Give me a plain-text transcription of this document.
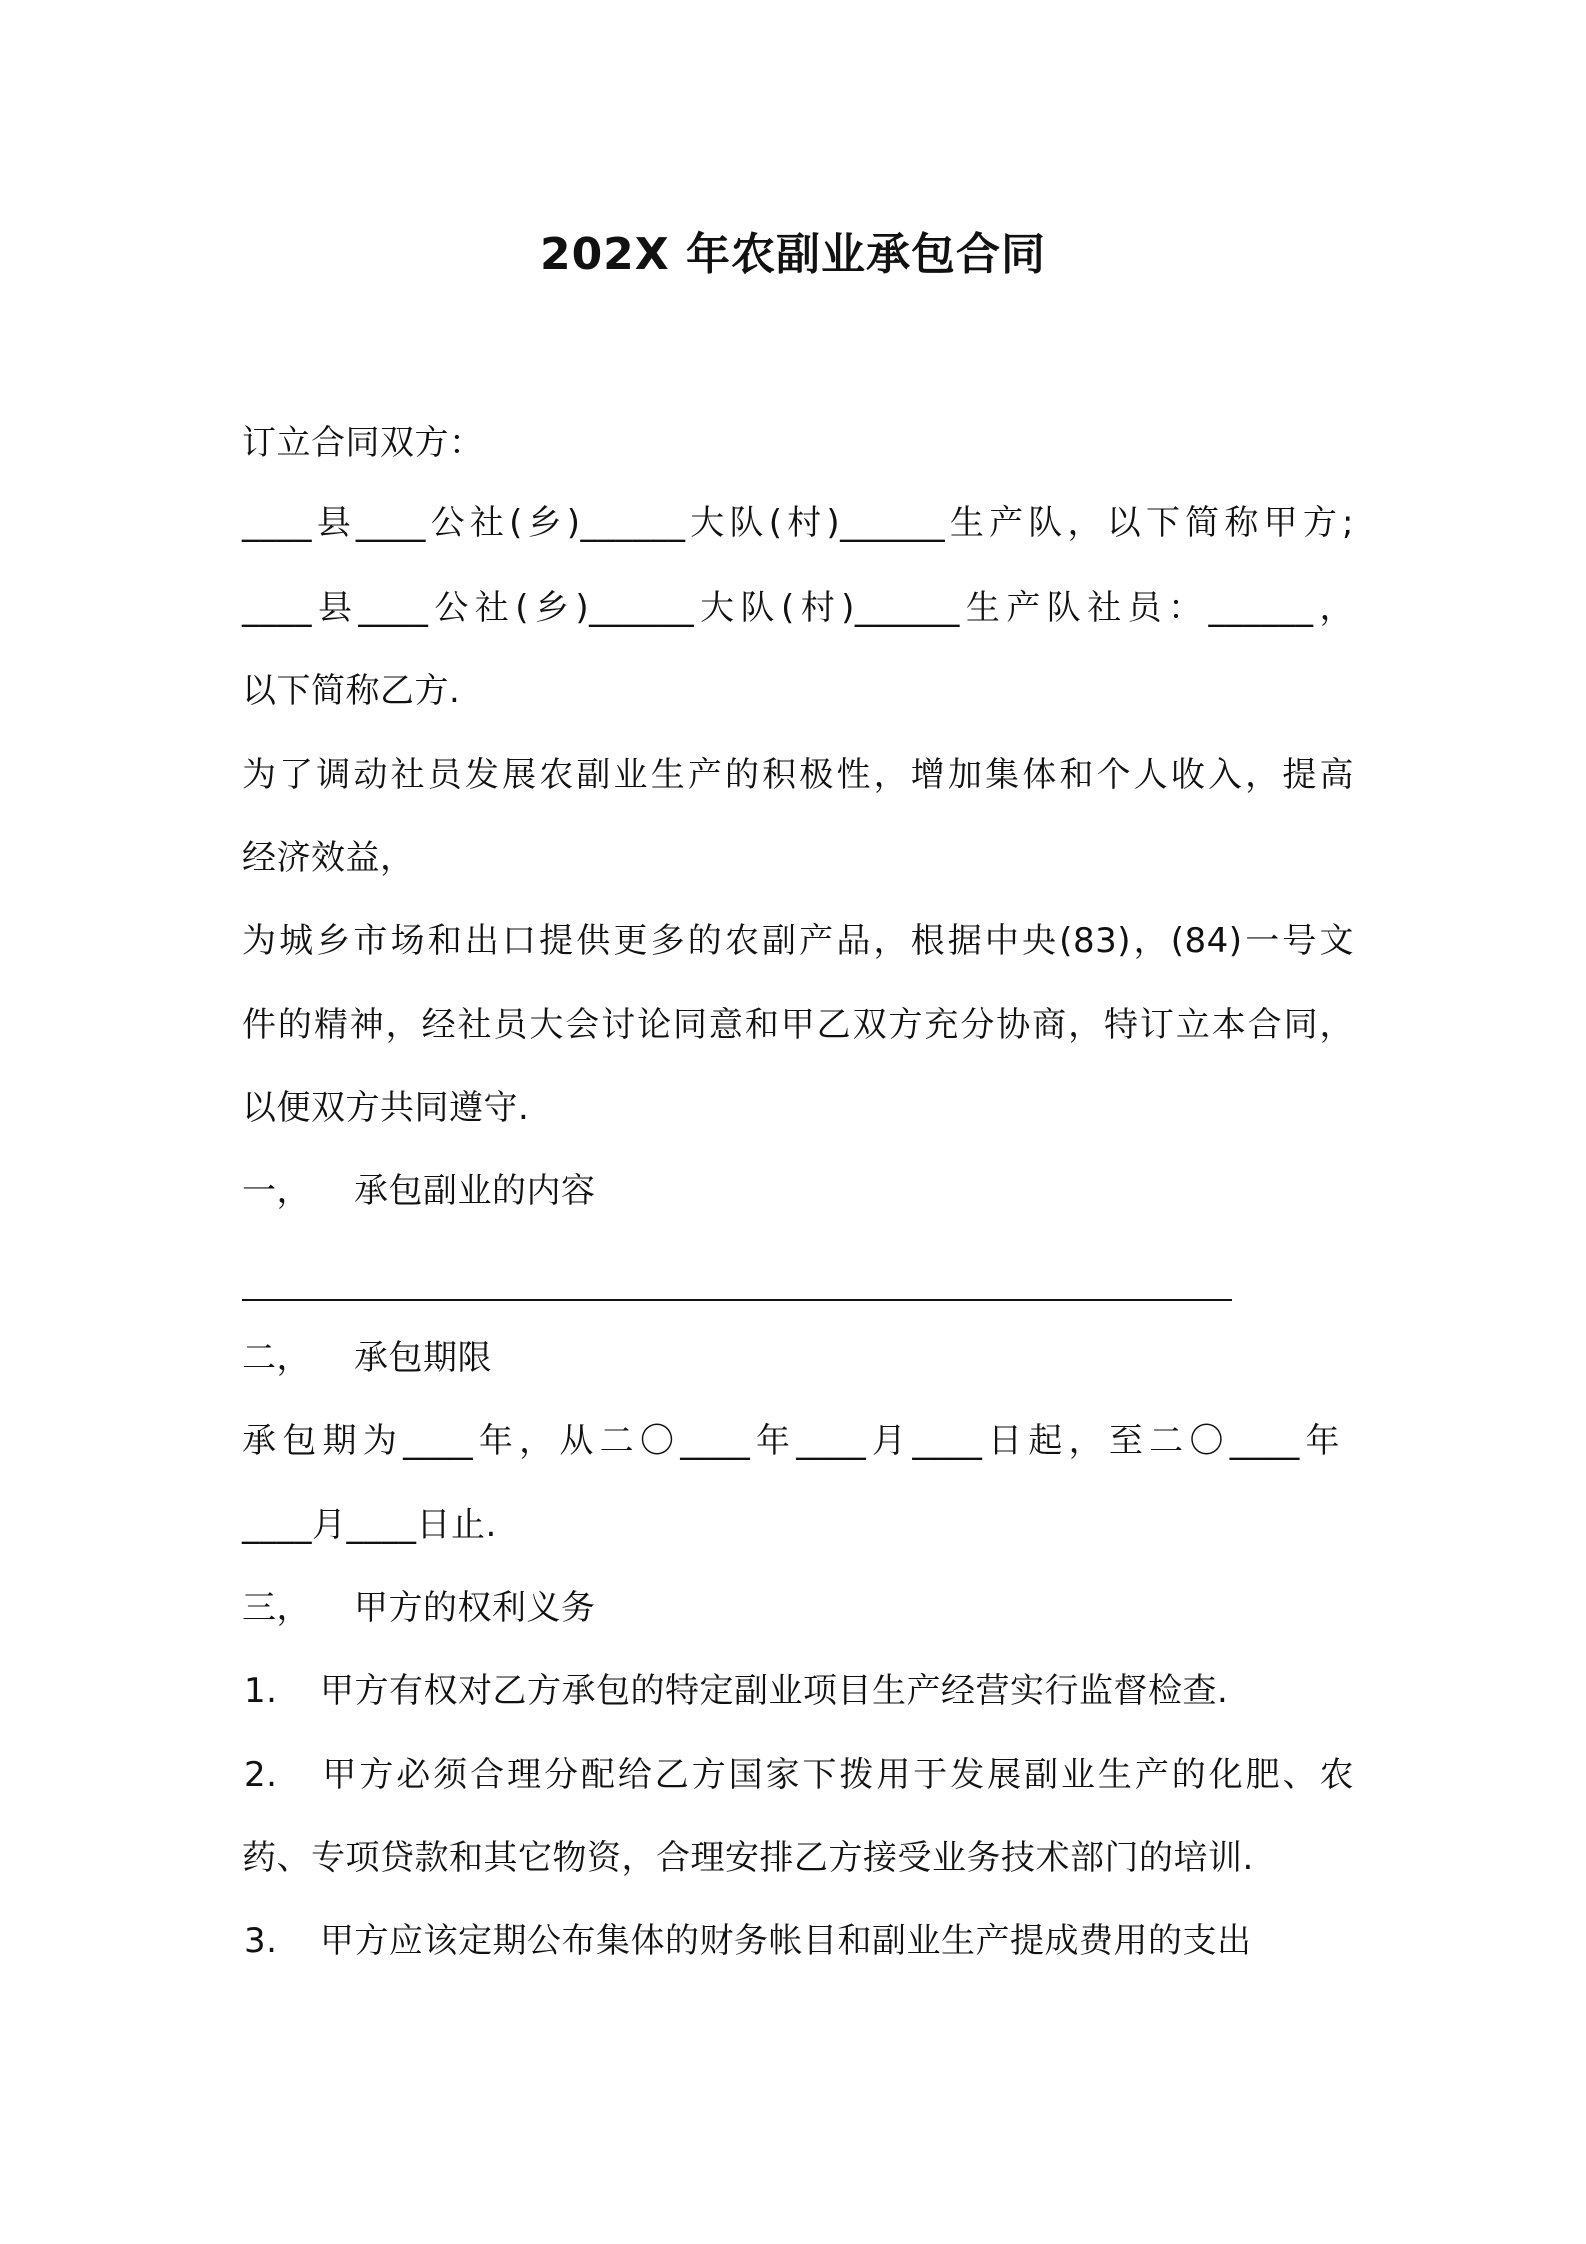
202X 年农副业承包合同
订立合同双方：
____县____公社(乡)______大队(村)______生产队，以下简称甲方;
____县____公社(乡)______大队(村)______生产队社员：______，
以下简称乙方.
为了调动社员发展农副业生产的积极性，增加集体和个人收入，提高
经济效益，
为城乡市场和出口提供更多的农副产品，根据中央(83)，(84)一号文
件的精神，经社员大会讨论同意和甲乙双方充分协商，特订立本合同，
以便双方共同遵守.
一， 承包副业的内容
二， 承包期限
承包期为____年，从二〇____年____月____日起，至二〇____年
____月____日止.
三， 甲方的权利义务
1. 甲方有权对乙方承包的特定副业项目生产经营实行监督检查.
2. 甲方必须合理分配给乙方国家下拨用于发展副业生产的化肥、农
药、专项贷款和其它物资，合理安排乙方接受业务技术部门的培训.
3. 甲方应该定期公布集体的财务帐目和副业生产提成费用的支出
